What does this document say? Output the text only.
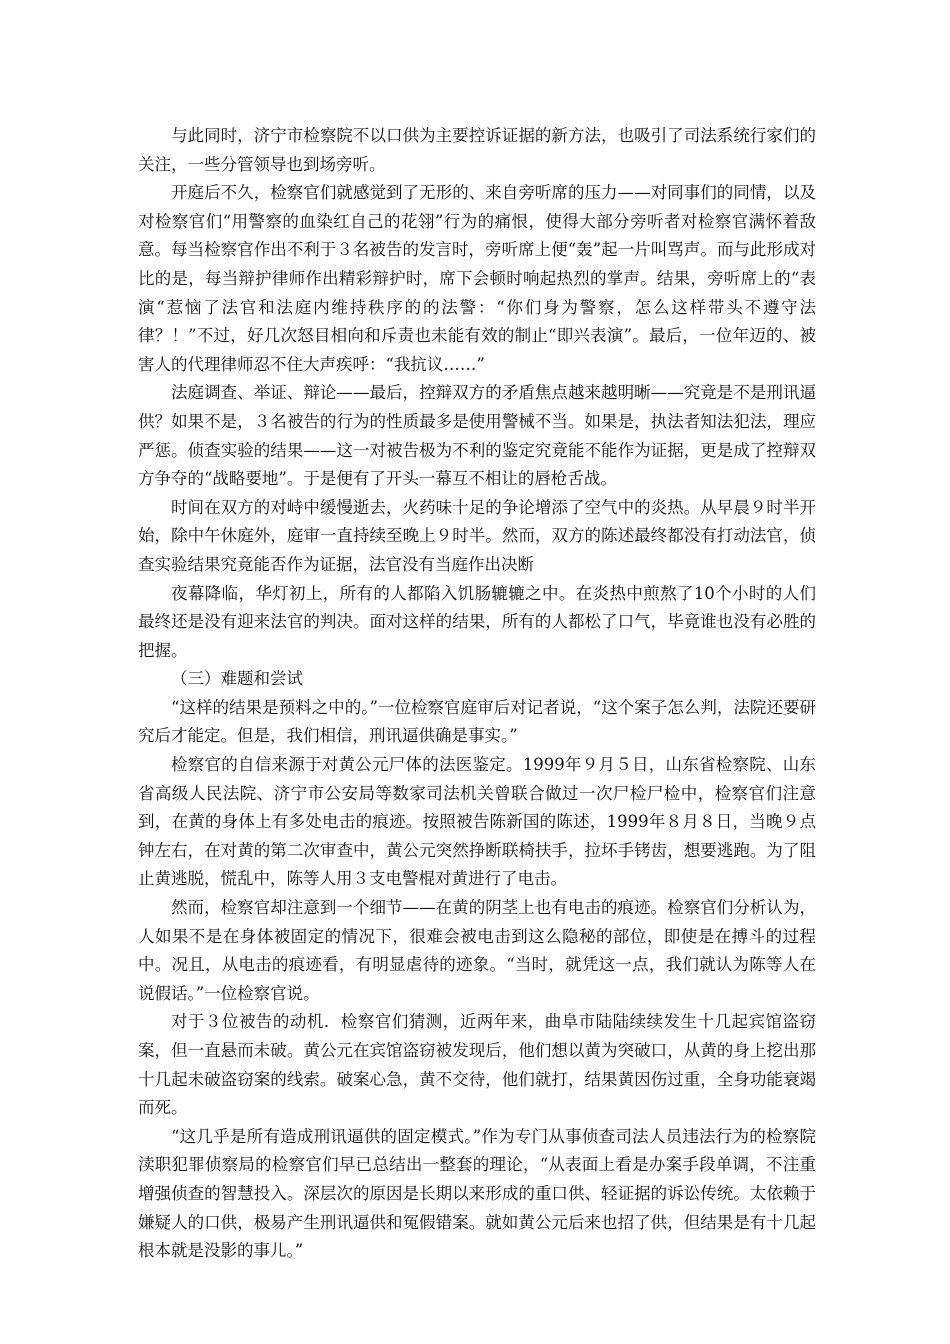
与此同时，济宁市检察院不以口供为主要控诉证据的新方法，也吸引了司法系统行家们的关注，一些分管领导也到场旁听。

开庭后不久，检察官们就感觉到了无形的、来自旁听席的压力——对同事们的同情，以及对检察官们“用警察的血染红自己的花翎”行为的痛恨，使得大部分旁听者对检察官满怀着敌意。每当检察官作出不利于３名被告的发言时，旁听席上便“轰”起一片叫骂声。而与此形成对比的是，每当辩护律师作出精彩辩护时，席下会顿时响起热烈的掌声。结果，旁听席上的“表演“惹恼了法官和法庭内维持秩序的的法警：“你们身为警察，怎么这样带头不遵守法律？！”不过，好几次怒目相向和斥责也未能有效的制止“即兴表演”。最后，一位年迈的、被害人的代理律师忍不住大声疾呼：“我抗议……”

法庭调查、举证、辩论——最后，控辩双方的矛盾焦点越来越明晰——究竟是不是刑讯逼供？如果不是，３名被告的行为的性质最多是使用警械不当。如果是，执法者知法犯法，理应严惩。侦查实验的结果——这一对被告极为不利的鉴定究竟能不能作为证据，更是成了控辩双方争夺的“战略要地”。于是便有了开头一幕互不相让的唇枪舌战。

时间在双方的对峙中缓慢逝去，火药味十足的争论增添了空气中的炎热。从早晨９时半开始，除中午休庭外，庭审一直持续至晚上９时半。然而，双方的陈述最终都没有打动法官，侦查实验结果究竟能否作为证据，法官没有当庭作出决断

夜幕降临，华灯初上，所有的人都陷入饥肠辘辘之中。在炎热中煎熬了10个小时的人们最终还是没有迎来法官的判决。面对这样的结果，所有的人都松了口气，毕竟谁也没有必胜的把握。

（三）难题和尝试

“这样的结果是预料之中的。”一位检察官庭审后对记者说，“这个案子怎么判，法院还要研究后才能定。但是，我们相信，刑讯逼供确是事实。”

检察官的自信来源于对黄公元尸体的法医鉴定。1999年９月５日，山东省检察院、山东省高级人民法院、济宁市公安局等数家司法机关曾联合做过一次尸检尸检中，检察官们注意到，在黄的身体上有多处电击的痕迹。按照被告陈新国的陈述，1999年８月８日，当晚９点钟左右，在对黄的第二次审查中，黄公元突然挣断联椅扶手，拉坏手铐齿，想要逃跑。为了阻止黄逃脱，慌乱中，陈等人用３支电警棍对黄进行了电击。

然而，检察官却注意到一个细节——在黄的阴茎上也有电击的痕迹。检察官们分析认为，人如果不是在身体被固定的情况下，很难会被电击到这么隐秘的部位，即使是在搏斗的过程中。况且，从电击的痕迹看，有明显虐待的迹象。“当时，就凭这一点，我们就认为陈等人在说假话。”一位检察官说。

对于３位被告的动机．检察官们猜测，近两年来，曲阜市陆陆续续发生十几起宾馆盗窃案，但一直悬而未破。黄公元在宾馆盗窃被发现后，他们想以黄为突破口，从黄的身上挖出那十几起未破盗窃案的线索。破案心急，黄不交待，他们就打，结果黄因伤过重，全身功能衰竭而死。

“这几乎是所有造成刑讯逼供的固定模式。”作为专门从事侦查司法人员违法行为的检察院渎职犯罪侦察局的检察官们早已总结出一整套的理论，“从表面上看是办案手段单调，不注重增强侦查的智慧投入。深层次的原因是长期以来形成的重口供、轻证据的诉讼传统。太依赖于嫌疑人的口供，极易产生刑讯逼供和冤假错案。就如黄公元后来也招了供，但结果是有十几起根本就是没影的事儿。”
